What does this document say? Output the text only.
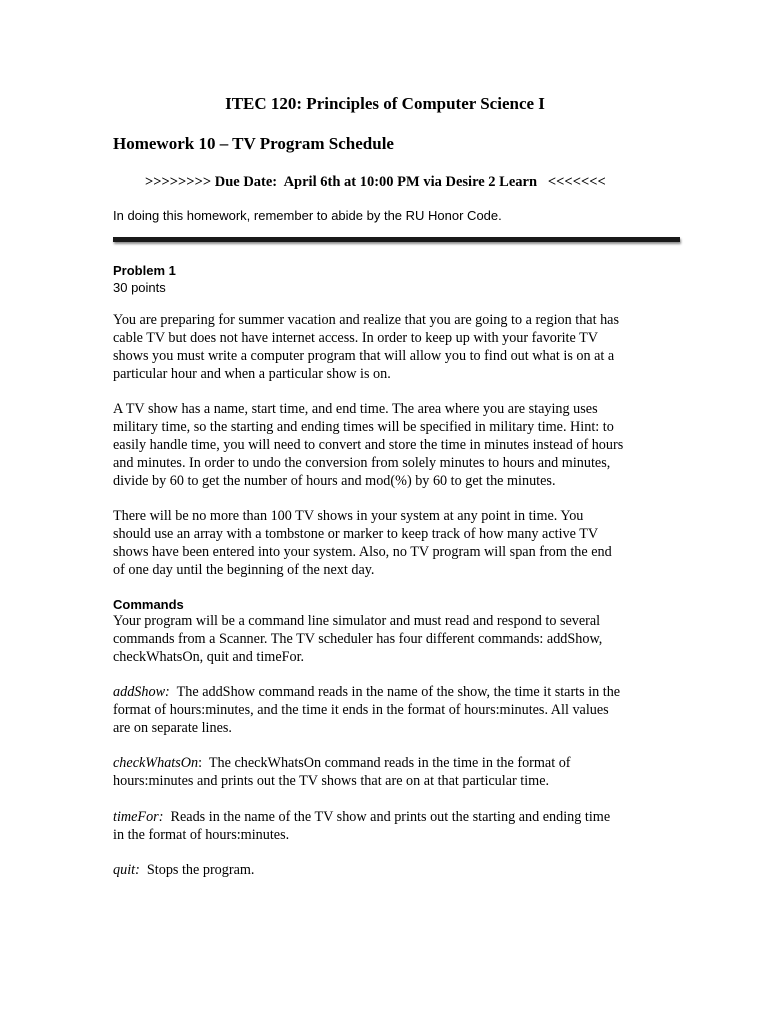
ITEC 120: Principles of Computer Science I
Homework 10 – TV Program Schedule
>>>>>>>> Due Date:  April 6th at 10:00 PM via Desire 2 Learn   <<<<<<<
In doing this homework, remember to abide by the RU Honor Code.
Problem 1
30 points
You are preparing for summer vacation and realize that you are going to a region that has
cable TV but does not have internet access. In order to keep up with your favorite TV
shows you must write a computer program that will allow you to find out what is on at a
particular hour and when a particular show is on.
A TV show has a name, start time, and end time. The area where you are staying uses
military time, so the starting and ending times will be specified in military time. Hint: to
easily handle time, you will need to convert and store the time in minutes instead of hours
and minutes. In order to undo the conversion from solely minutes to hours and minutes,
divide by 60 to get the number of hours and mod(%) by 60 to get the minutes.
There will be no more than 100 TV shows in your system at any point in time. You
should use an array with a tombstone or marker to keep track of how many active TV
shows have been entered into your system. Also, no TV program will span from the end
of one day until the beginning of the next day.
Commands
Your program will be a command line simulator and must read and respond to several
commands from a Scanner. The TV scheduler has four different commands: addShow,
checkWhatsOn, quit and timeFor.
addShow:  The addShow command reads in the name of the show, the time it starts in the
format of hours:minutes, and the time it ends in the format of hours:minutes. All values
are on separate lines.
checkWhatsOn:  The checkWhatsOn command reads in the time in the format of
hours:minutes and prints out the TV shows that are on at that particular time.
timeFor:  Reads in the name of the TV show and prints out the starting and ending time
in the format of hours:minutes.
quit:  Stops the program.
